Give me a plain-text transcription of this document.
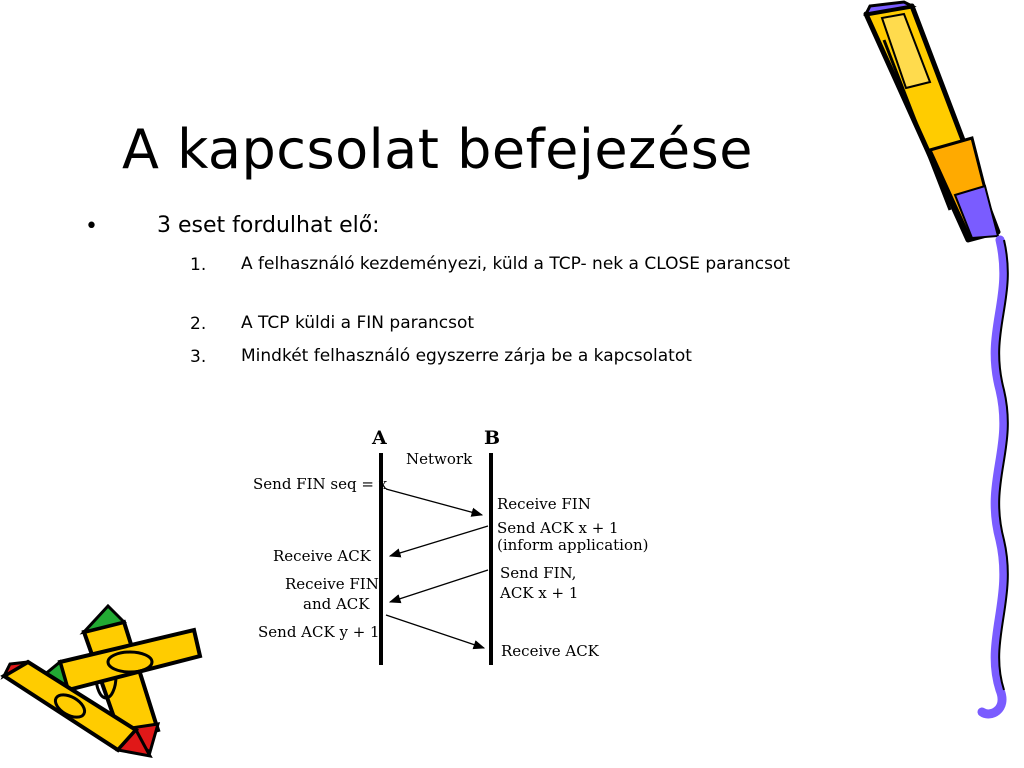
A kapcsolat befejezése
•	3 eset fordulhat elő:
1. A felhasználó kezdeményezi, küld a TCP- nek a CLOSE parancsot
2. A TCP küldi a FIN parancsot
3. Mindkét felhasználó egyszerre zárja be a kapcsolatot
A	B
Network
Send FIN seq = x
Receive ACK
Receive FIN
and ACK
Send ACK y + 1
Receive FIN
Send ACK x + 1
(inform application)
Send FIN,
ACK x + 1
Receive ACK
